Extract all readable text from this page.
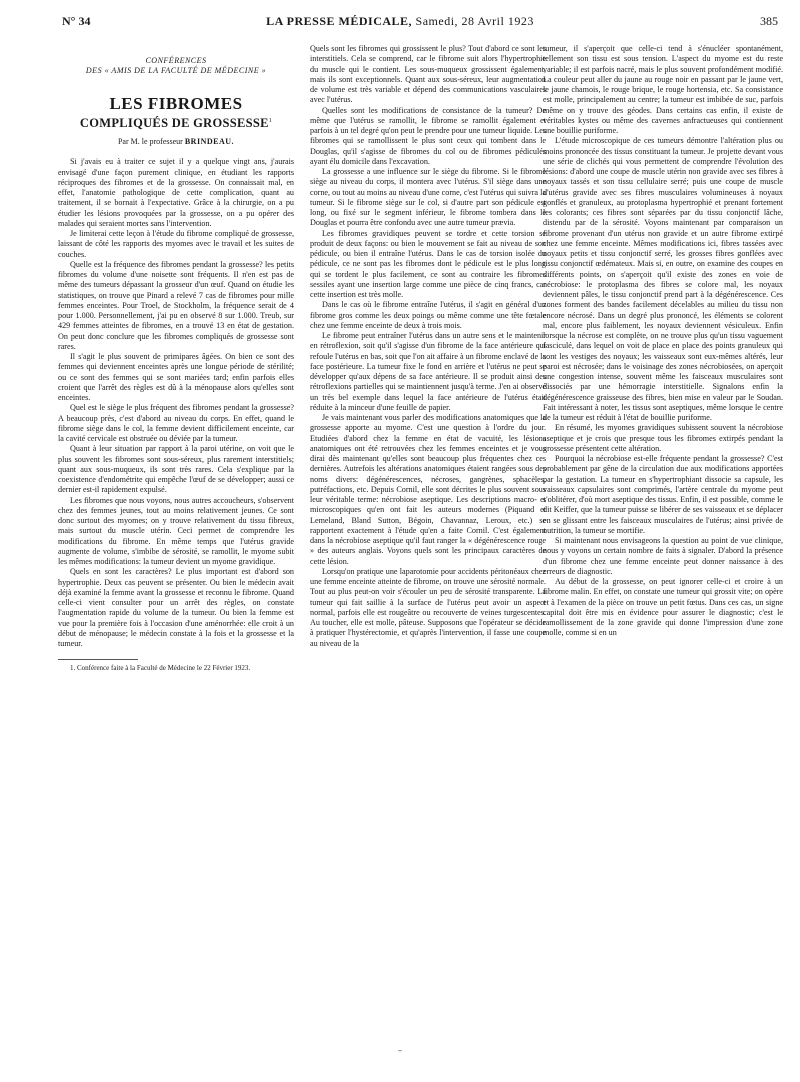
N° 34	LA PRESSE MÉDICALE, Samedi, 28 Avril 1923	385
CONFÉRENCES
DES « AMIS DE LA FACULTÉ DE MÉDECINE »
LES FIBROMES
COMPLIQUÉS DE GROSSESSE$^1$
Par M. le professeur BRINDEAU.

Si j'avais eu à traiter ce sujet il y a quelque vingt ans, j'aurais envisagé d'une façon purement clinique, en étudiant les rapports réciproques des fibromes et de la grossesse. On connaissait mal, en effet, l'anatomie pathologique de cette complication, quant au traitement, il se bornait à l'expectative. Grâce à la chirurgie, on a pu étudier les lésions provoquées par la grossesse, on a pu opérer des malades qui seraient mortes sans l'intervention.

Je limiterai cette leçon à l'étude du fibrome compliqué de grossesse, laissant de côté les rapports des myomes avec le travail et les suites de couches.

Quelle est la fréquence des fibromes pendant la grossesse? les petits fibromes du volume d'une noisette sont fréquents. Il n'en est pas de même des tumeurs dépassant la grosseur d'un œuf. Quand on étudie les statistiques, on trouve que Pinard a relevé 7 cas de fibromes pour mille femmes enceintes. Pour Troel, de Stockholm, la fréquence serait de 4 pour 1.000. Personnellement, j'ai pu en observé 8 sur 1.000. Treub, sur 429 femmes atteintes de fibromes, en a trouvé 13 en état de gestation. On peut donc conclure que les fibromes compliqués de grossesse sont rares.

Il s'agit le plus souvent de primipares âgées. On bien ce sont des femmes qui deviennent enceintes après une longue période de stérilité; ou ce sont des femmes qui se sont mariées tard; enfin parfois elles croient que l'arrêt des règles est dû à la ménopause alors qu'elles sont enceintes.

Quel est le siège le plus fréquent des fibromes pendant la grossesse? A beaucoup près, c'est d'abord au niveau du corps. En effet, quand le fibrome siège dans le col, la femme devient difficilement enceinte, car la cavité cervicale est obstruée ou déviée par la tumeur.

Quant à leur situation par rapport à la paroi utérine, on voit que le plus souvent les fibromes sont sous-séreux, plus rarement interstitiels; quant aux sous-muqueux, ils sont très rares. Cela s'explique par la coexistence d'endométrite qui empêche l'œuf de se développer; aussi ce dernier est-il rapidement expulsé.

Les fibromes que nous voyons, nous autres accoucheurs, s'observent chez des femmes jeunes, tout au moins relativement jeunes. Ce sont donc surtout des myomes; on y trouve relativement du tissu fibreux, mais surtout du muscle utérin. Ceci permet de comprendre les modifications du fibrome. En même temps que l'utérus gravide augmente de volume, s'imbibe de sérosité, se ramollit, le myome subit les mêmes modifications: la tumeur devient un myome gravidique.

Quels en sont les caractères? Le plus important est d'abord son hypertrophie. Deux cas peuvent se présenter. Ou bien le médecin avait déjà examiné la femme avant la grossesse et reconnu le fibrome. Quand celle-ci vient consulter pour un arrêt des règles, on constate l'augmentation rapide du volume de la tumeur. Ou bien la femme est vue pour la première fois à l'occasion d'une aménorrhée: elle croit à un début de ménopause; le médecin constate à la fois et la grossesse et la tumeur.

1. Conférence faite à la Faculté de Médecine le 22 Février 1923.

Quels sont les fibromes qui grossissent le plus? Tout d'abord ce sont les interstitiels. Cela se comprend, car le fibrome suit alors l'hypertrophie du muscle qui le contient. Les sous-muqueux grossissent également, mais ils sont exceptionnels. Quant aux sous-séreux, leur augmentation de volume est très variable et dépend des communications vasculaires avec l'utérus.

Quelles sont les modifications de consistance de la tumeur? De même que l'utérus se ramollit, le fibrome se ramollit également et parfois à un tel degré qu'on peut le prendre pour une tumeur liquide. Les fibromes qui se ramollissent le plus sont ceux qui tombent dans le Douglas, qu'il s'agisse de fibromes du col ou de fibromes pédiculés ayant élu domicile dans l'excavation.

La grossesse a une influence sur le siège du fibrome. Si le fibrome siège au niveau du corps, il montera avec l'utérus. S'il siège dans une corne, ou tout au moins au niveau d'une corne, c'est l'utérus qui suivra la tumeur. Si le fibrome siège sur le col, si d'autre part son pédicule est long, ou fixé sur le segment inférieur, le fibrome tombera dans le Douglas et pourra être confondu avec une autre tumeur prævia.

Les fibromes gravidiques peuvent se tordre et cette torsion se produit de deux façons: ou bien le mouvement se fait au niveau de son pédicule, ou bien il entraîne l'utérus. Dans le cas de torsion isolée du pédicule, ce ne sont pas les fibromes dont le pédicule est le plus long qui se tordent le plus facilement, ce sont au contraire les fibromes sessiles ayant une insertion large comme une pièce de cinq francs, car cette insertion est très molle.

Dans le cas où le fibrome entraîne l'utérus, il s'agit en général d'un fibrome gros comme les deux poings ou même comme une tête fœtale chez une femme enceinte de deux à trois mois.

Le fibrome peut entraîner l'utérus dans un autre sens et le maintenir en rétroflexion, soit qu'il s'agisse d'un fibrome de la face antérieure qui refoule l'utérus en bas, soit que l'on ait affaire à un fibrome enclavé de la face postérieure. La tumeur fixe le fond en arrière et l'utérus ne peut se développer qu'aux dépens de sa face antérieure. Il se produit ainsi des rétroflexions partielles qui se maintiennent jusqu'à terme. J'en ai observé un très bel exemple dans lequel la face antérieure de l'utérus était réduite à la minceur d'une feuille de papier.

Je vais maintenant vous parler des modifications anatomiques que la grossesse apporte au myome. C'est une question à l'ordre du jour. Etudiées d'abord chez la femme en état de vacuité, les lésions anatomiques ont été retrouvées chez les femmes enceintes et je vous dirai dès maintenant qu'elles sont beaucoup plus fréquentes chez ces dernières. Autrefois les altérations anatomiques étaient rangées sous des noms divers: dégénérescences, nécroses, gangrènes, sphacèles, putréfactions, etc. Depuis Cornil, elle sont décrites le plus souvent sous leur véritable terme: nécrobiose aseptique. Les descriptions macro- et microscopiques qu'en ont fait les auteurs modernes (Piquand et Lemeland, Bland Sutton, Bégoin, Chavannaz, Leroux, etc.) se rapportent exactement à l'étude qu'en a faite Cornil. C'est également dans la nécrobiose aseptique qu'il faut ranger la « dégénérescence rouge » des auteurs anglais. Voyons quels sont les principaux caractères de cette lésion.

Lorsqu'on pratique une laparotomie pour accidents péritonéaux chez une femme enceinte atteinte de fibrome, on trouve une sérosité normale. Tout au plus peut-on voir s'écouler un peu de sérosité transparente. La tumeur qui fait saillie à la surface de l'utérus peut avoir un aspect normal, parfois elle est rougeâtre ou recouverte de veines turgescentes. Au toucher, elle est molle, pâteuse. Supposons que l'opérateur se décide à pratiquer l'hystérectomie, et qu'après l'intervention, il fasse une coupe au niveau de la

tumeur, il s'aperçoit que celle-ci tend à s'énucléer spontanément, tellement son tissu est sous tension. L'aspect du myome est du reste variable; il est parfois nacré, mais le plus souvent profondément modifié. La couleur peut aller du jaune au rouge noir en passant par le jaune vert, le jaune chamois, le rouge brique, le rouge hortensia, etc. Sa consistance est molle, principalement au centre; la tumeur est imbibée de suc, parfois même on y trouve des géodes. Dans certains cas enfin, il existe de véritables kystes ou même des cavernes anfractueuses qui contiennent une bouillie puriforme.

L'étude microscopique de ces tumeurs démontre l'altération plus ou moins prononcée des tissus constituant la tumeur. Je projette devant vous une série de clichés qui vous permettent de comprendre l'évolution des lésions: d'abord une coupe de muscle utérin non gravide avec ses fibres à noyaux tassés et son tissu cellulaire serré; puis une coupe de muscle d'utérus gravide avec ses fibres musculaires volumineuses à noyaux gonflés et granuleux, au protoplasma hypertrophié et prenant fortement les colorants; ces fibres sont séparées par du tissu conjonctif lâche, distendu par de la sérosité. Voyons maintenant par comparaison un fibrome provenant d'un utérus non gravide et un autre fibrome extirpé chez une femme enceinte. Mêmes modifications ici, fibres tassées avec noyaux petits et tissu conjonctif serré, les grosses fibres gonflées avec tissu conjonctif œdémateux. Mais si, en outre, on examine des coupes en différents points, on s'aperçoit qu'il existe des zones en voie de nécrobiose: le protoplasma des fibres se colore mal, les noyaux deviennent pâles, le tissu conjonctif prend part à la dégénérescence. Ces zones forment des bandes facilement décelables au milieu du tissu non encore nécrosé. Dans un degré plus prononcé, les éléments se colorent mal, encore plus faiblement, les noyaux deviennent vésiculeux. Enfin lorsque la nécrose est complète, on ne trouve plus qu'un tissu vaguement fasciculé, dans lequel on voit de place en place des points granuleux qui sont les vestiges des noyaux; les vaisseaux sont eux-mêmes altérés, leur paroi est nécrosée; dans le voisinage des zones nécrobiosées, on aperçoit une congestion intense, souvent même les faisceaux musculaires sont dissociés par une hémorragie interstitielle. Signalons enfin la dégénérescence graisseuse des fibres, bien mise en valeur par le Soudan. Fait intéressant à noter, les tissus sont aseptiques, même lorsque le centre de la tumeur est réduit à l'état de bouillie puriforme.

En résumé, les myomes gravidiques subissent souvent la nécrobiose aseptique et je crois que presque tous les fibromes extirpés pendant la grossesse présentent cette altération.

Pourquoi la nécrobiose est-elle fréquente pendant la grossesse? C'est probablement par gêne de la circulation due aux modifications apportées par la gestation. La tumeur en s'hypertrophiant dissocie sa capsule, les vaisseaux capsulaires sont comprimés, l'artère centrale du myome peut s'oblitérer, d'où mort aseptique des tissus. Enfin, il est possible, comme le dit Keiffer, que la tumeur puisse se libérer de ses vaisseaux et se déplacer en se glissant entre les faisceaux musculaires de l'utérus; ainsi privée de nutrition, la tumeur se mortifie.

Si maintenant nous envisageons la question au point de vue clinique, nous y voyons un certain nombre de faits à signaler. D'abord la présence d'un fibrome chez une femme enceinte peut donner naissance à des erreurs de diagnostic.

Au début de la grossesse, on peut ignorer celle-ci et croire à un fibrome malin. En effet, on constate une tumeur qui grossit vite; on opère et à l'examen de la pièce on trouve un petit fœtus. Dans ces cas, un signe capital doit être mis en évidence pour assurer le diagnostic; c'est le ramollissement de la zone gravide qui donne l'impression d'une zone molle, comme si en un

–
